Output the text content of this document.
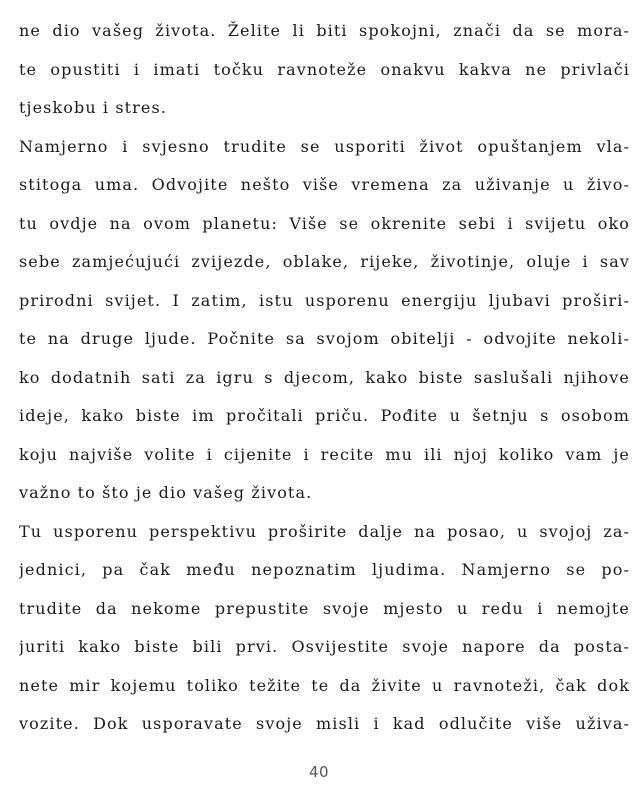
ne dio vašeg života. Želite li biti spokojni, znači da se mora-
te opustiti i imati točku ravnoteže onakvu kakva ne privlači
tjeskobu i stres.
Namjerno i svjesno trudite se usporiti život opuštanjem vla-
stitoga uma. Odvojite nešto više vremena za uživanje u živo-
tu ovdje na ovom planetu: Više se okrenite sebi i svijetu oko
sebe zamjećujući zvijezde, oblake, rijeke, životinje, oluje i sav
prirodni svijet. I zatim, istu usporenu energiju ljubavi proširi-
te na druge ljude. Počnite sa svojom obitelji - odvojite nekoli-
ko dodatnih sati za igru s djecom, kako biste saslušali njihove
ideje, kako biste im pročitali priču. Pođite u šetnju s osobom
koju najviše volite i cijenite i recite mu ili njoj koliko vam je
važno to što je dio vašeg života.
Tu usporenu perspektivu proširite dalje na posao, u svojoj za-
jednici, pa čak među nepoznatim ljudima. Namjerno se po-
trudite da nekome prepustite svoje mjesto u redu i nemojte
juriti kako biste bili prvi. Osvijestite svoje napore da posta-
nete mir kojemu toliko težite te da živite u ravnoteži, čak dok
vozite. Dok usporavate svoje misli i kad odlučite više uživa-
40
